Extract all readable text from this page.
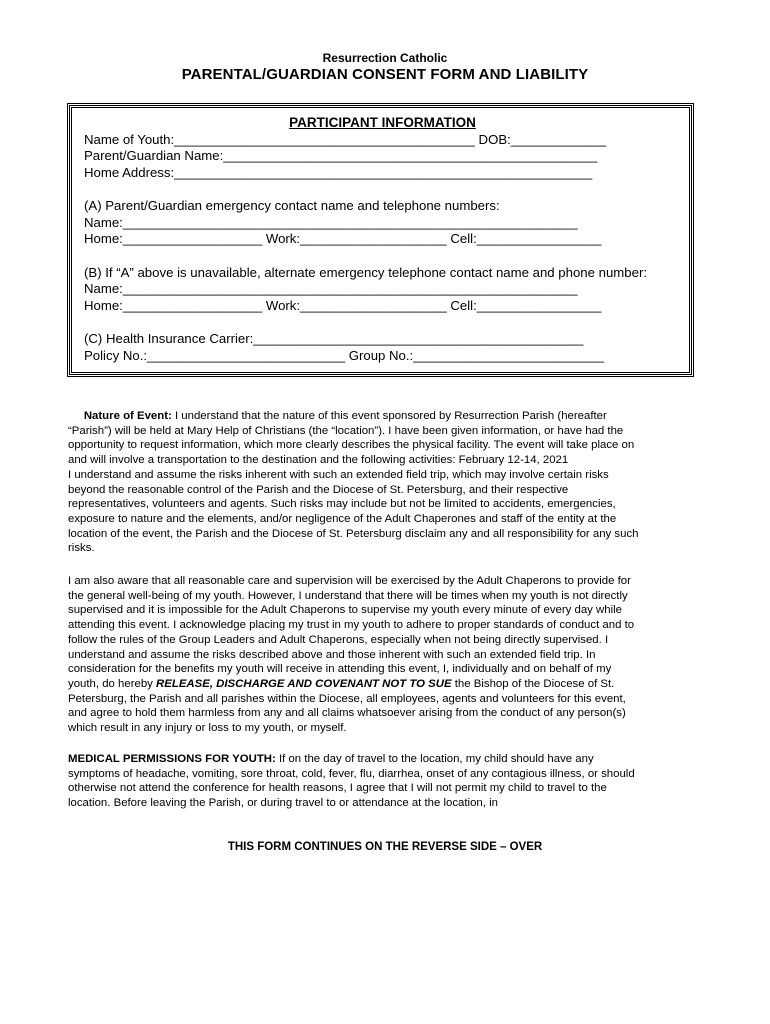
Resurrection Catholic
PARENTAL/GUARDIAN CONSENT FORM AND LIABILITY
PARTICIPANT INFORMATION
Name of Youth:_________________________________________ DOB:_____________
Parent/Guardian Name:___________________________________________________
Home Address:_________________________________________________________
(A) Parent/Guardian emergency contact name and telephone numbers:
Name:______________________________________________________________
Home:___________________ Work:____________________ Cell:_________________
(B) If “A” above is unavailable, alternate emergency telephone contact name and phone number:
Name:______________________________________________________________
Home:___________________ Work:____________________ Cell:_________________
(C) Health Insurance Carrier:_____________________________________________
Policy No.:___________________________ Group No.:__________________________
Nature of Event: I understand that the nature of this event sponsored by Resurrection Parish (hereafter
“Parish”) will be held at Mary Help of Christians (the “location”). I have been given information, or have had the
opportunity to request information, which more clearly describes the physical facility. The event will take place on
and will involve a transportation to the destination and the following activities: February 12-14, 2021
I understand and assume the risks inherent with such an extended field trip, which may involve certain risks
beyond the reasonable control of the Parish and the Diocese of St. Petersburg, and their respective
representatives, volunteers and agents. Such risks may include but not be limited to accidents, emergencies,
exposure to nature and the elements, and/or negligence of the Adult Chaperones and staff of the entity at the
location of the event, the Parish and the Diocese of St. Petersburg disclaim any and all responsibility for any such
risks.
I am also aware that all reasonable care and supervision will be exercised by the Adult Chaperons to provide for
the general well-being of my youth. However, I understand that there will be times when my youth is not directly
supervised and it is impossible for the Adult Chaperons to supervise my youth every minute of every day while
attending this event. I acknowledge placing my trust in my youth to adhere to proper standards of conduct and to
follow the rules of the Group Leaders and Adult Chaperons, especially when not being directly supervised. I
understand and assume the risks described above and those inherent with such an extended field trip. In
consideration for the benefits my youth will receive in attending this event, I, individually and on behalf of my
youth, do hereby RELEASE, DISCHARGE AND COVENANT NOT TO SUE the Bishop of the Diocese of St.
Petersburg, the Parish and all parishes within the Diocese, all employees, agents and volunteers for this event,
and agree to hold them harmless from any and all claims whatsoever arising from the conduct of any person(s)
which result in any injury or loss to my youth, or myself.
MEDICAL PERMISSIONS FOR YOUTH: If on the day of travel to the location, my child should have any
symptoms of headache, vomiting, sore throat, cold, fever, flu, diarrhea, onset of any contagious illness, or should
otherwise not attend the conference for health reasons, I agree that I will not permit my child to travel to the
location. Before leaving the Parish, or during travel to or attendance at the location, in
THIS FORM CONTINUES ON THE REVERSE SIDE – OVER
